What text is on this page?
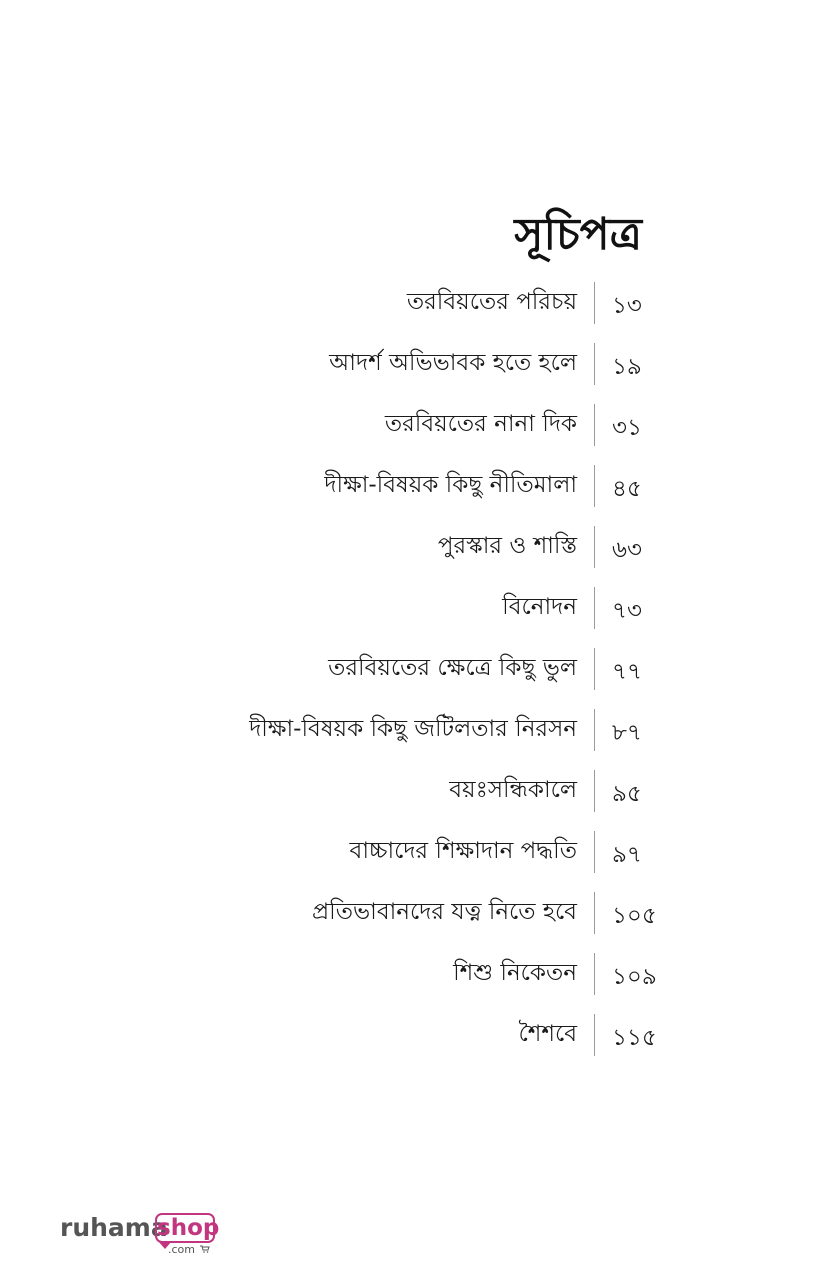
সূচিপত্র
তরবিয়তের পরিচয় ১৩
আদর্শ অভিভাবক হতে হলে ১৯
তরবিয়তের নানা দিক ৩১
দীক্ষা-বিষয়ক কিছু নীতিমালা ৪৫
পুরস্কার ও শাস্তি ৬৩
বিনোদন ৭৩
তরবিয়তের ক্ষেত্রে কিছু ভুল ৭৭
দীক্ষা-বিষয়ক কিছু জটিলতার নিরসন ৮৭
বয়ঃসন্ধিকালে ৯৫
বাচ্চাদের শিক্ষাদান পদ্ধতি ৯৭
প্রতিভাবানদের যত্ন নিতে হবে ১০৫
শিশু নিকেতন ১০৯
শৈশবে ১১৫
ruhama
shop
.com
